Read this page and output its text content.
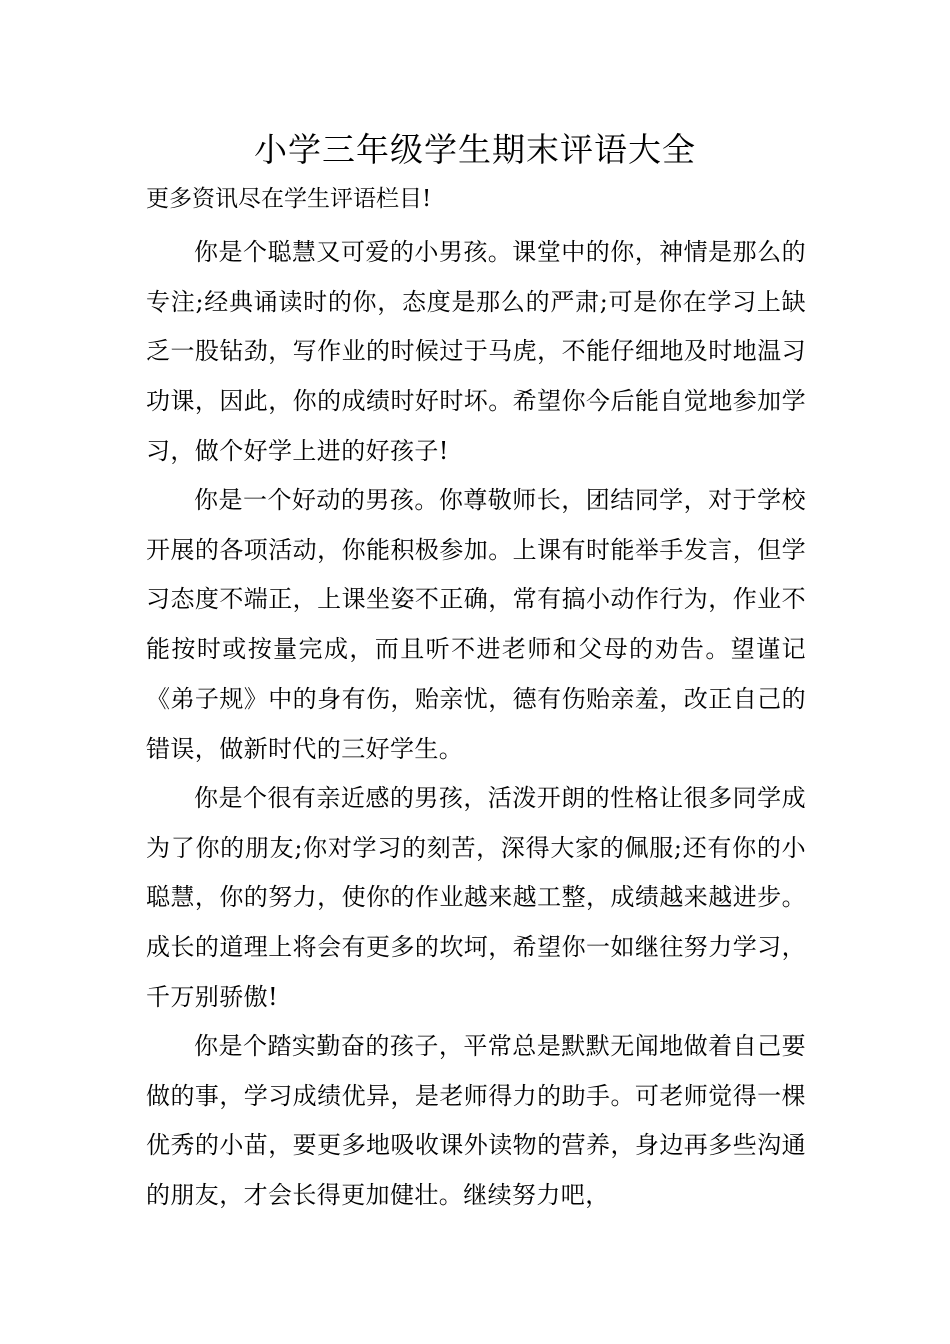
小学三年级学生期末评语大全

更多资讯尽在学生评语栏目!

你是个聪慧又可爱的小男孩。课堂中的你，神情是那么的专注;经典诵读时的你，态度是那么的严肃;可是你在学习上缺乏一股钻劲，写作业的时候过于马虎，不能仔细地及时地温习功课，因此，你的成绩时好时坏。希望你今后能自觉地参加学习，做个好学上进的好孩子!

你是一个好动的男孩。你尊敬师长，团结同学，对于学校开展的各项活动，你能积极参加。上课有时能举手发言，但学习态度不端正，上课坐姿不正确，常有搞小动作行为，作业不能按时或按量完成，而且听不进老师和父母的劝告。望谨记《弟子规》中的身有伤，贻亲忧，德有伤贻亲羞，改正自己的错误，做新时代的三好学生。

你是个很有亲近感的男孩，活泼开朗的性格让很多同学成为了你的朋友;你对学习的刻苦，深得大家的佩服;还有你的小聪慧，你的努力，使你的作业越来越工整，成绩越来越进步。成长的道理上将会有更多的坎坷，希望你一如继往努力学习，千万别骄傲!

你是个踏实勤奋的孩子，平常总是默默无闻地做着自己要做的事，学习成绩优异，是老师得力的助手。可老师觉得一棵优秀的小苗，要更多地吸收课外读物的营养，身边再多些沟通的朋友，才会长得更加健壮。继续努力吧，
